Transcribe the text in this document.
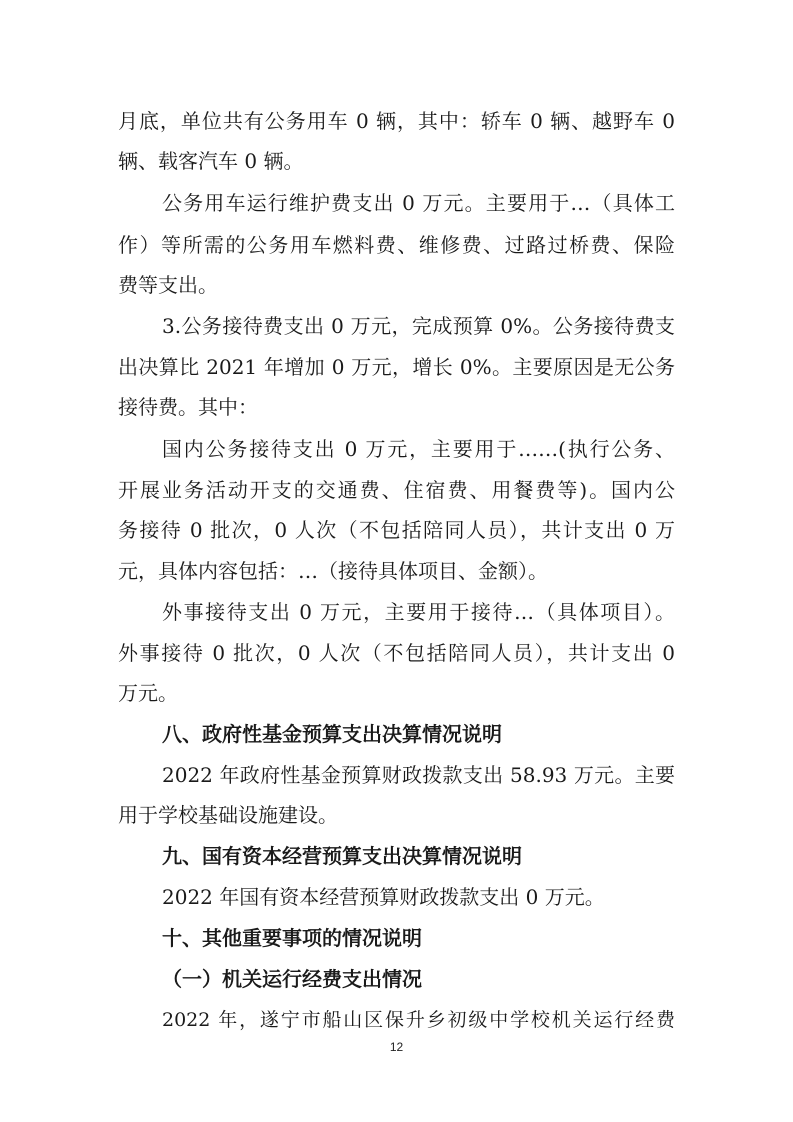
月底，单位共有公务用车 0 辆，其中：轿车 0 辆、越野车 0
辆、载客汽车 0 辆。
公务用车运行维护费支出 0 万元。主要用于…（具体工
作）等所需的公务用车燃料费、维修费、过路过桥费、保险
费等支出。
3.公务接待费支出 0 万元，完成预算 0%。公务接待费支
出决算比 2021 年增加 0 万元，增长 0%。主要原因是无公务
接待费。其中：
国内公务接待支出 0 万元，主要用于……(执行公务、
开展业务活动开支的交通费、住宿费、用餐费等)。国内公
务接待 0 批次，0 人次（不包括陪同人员），共计支出 0 万
元，具体内容包括：…（接待具体项目、金额）。
外事接待支出 0 万元，主要用于接待…（具体项目）。
外事接待 0 批次，0 人次（不包括陪同人员），共计支出 0
万元。
八、政府性基金预算支出决算情况说明
2022 年政府性基金预算财政拨款支出 58.93 万元。主要
用于学校基础设施建设。
九、国有资本经营预算支出决算情况说明
2022 年国有资本经营预算财政拨款支出 0 万元。
十、其他重要事项的情况说明
（一）机关运行经费支出情况
2022 年，遂宁市船山区保升乡初级中学校机关运行经费
12
